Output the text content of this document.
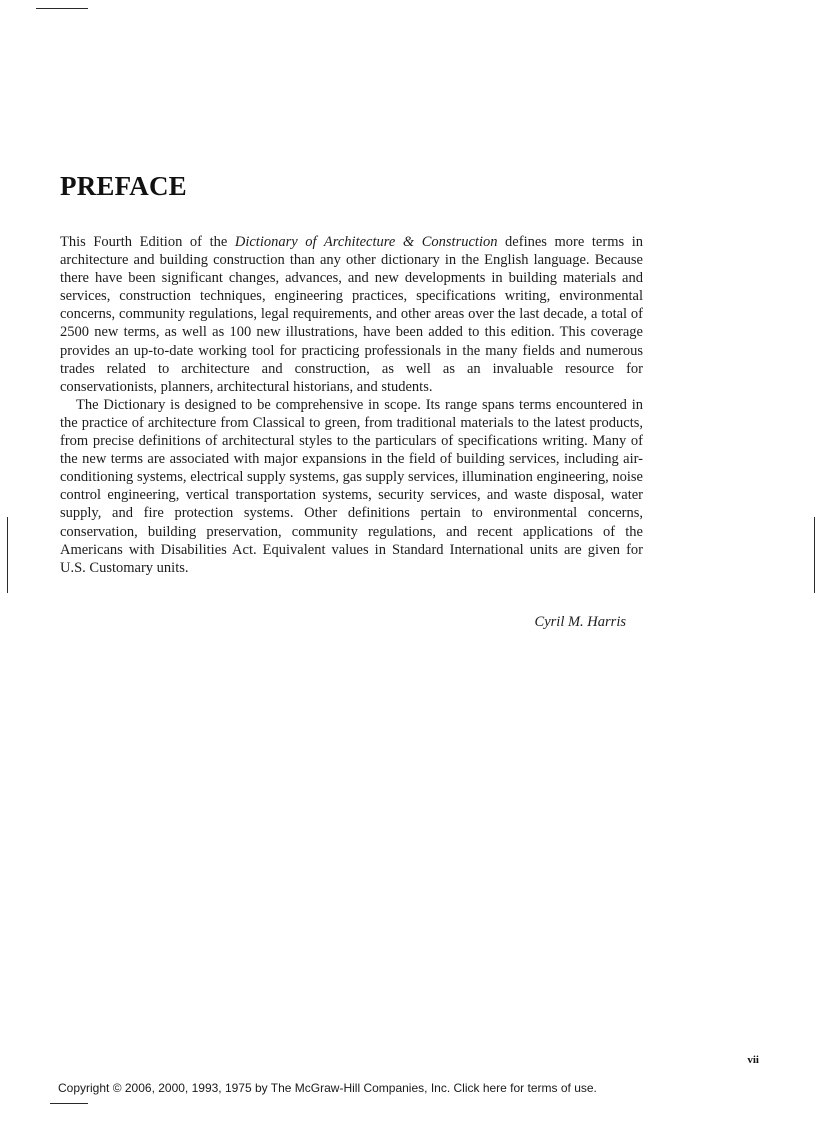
PREFACE

This Fourth Edition of the Dictionary of Architecture & Construction defines more terms in architecture and building construction than any other dictionary in the English language. Because there have been significant changes, advances, and new developments in building materials and services, construction techniques, engineering practices, specifications writing, environmental concerns, community regulations, legal requirements, and other areas over the last decade, a total of 2500 new terms, as well as 100 new illustrations, have been added to this edition. This coverage provides an up-to-date working tool for practicing professionals in the many fields and numerous trades related to architecture and construction, as well as an invaluable resource for conservationists, planners, architectural historians, and students.

The Dictionary is designed to be comprehensive in scope. Its range spans terms encountered in the practice of architecture from Classical to green, from traditional materials to the latest products, from precise definitions of architectural styles to the particulars of specifications writing. Many of the new terms are associated with major expansions in the field of building services, including air-conditioning systems, electrical supply systems, gas supply services, illumination engineering, noise control engineering, vertical transportation systems, security services, and waste disposal, water supply, and fire protection systems. Other definitions pertain to environmental concerns, conservation, building preservation, community regulations, and recent applications of the Americans with Disabilities Act. Equivalent values in Standard International units are given for U.S. Customary units.

Cyril M. Harris
vii
Copyright © 2006, 2000, 1993, 1975 by The McGraw-Hill Companies, Inc. Click here for terms of use.
